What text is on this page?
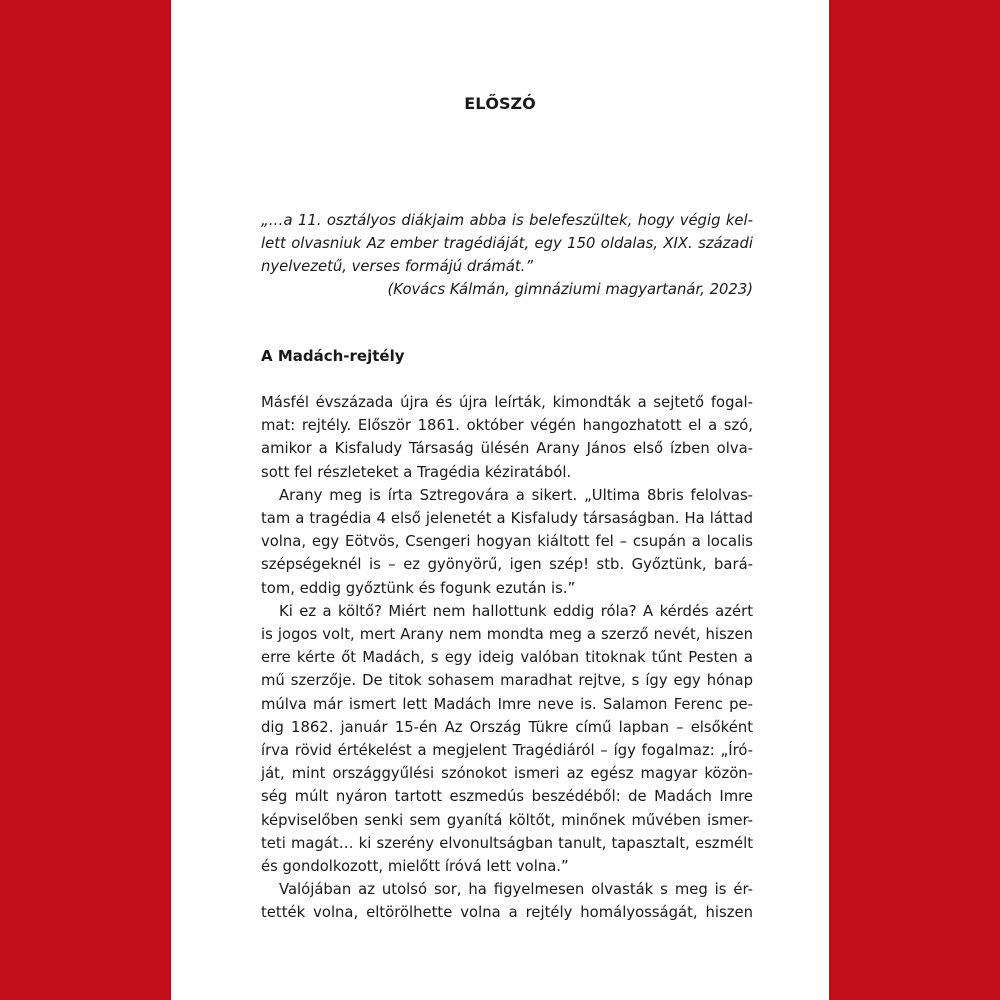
ELŐSZÓ
„…a 11. osztályos diákjaim abba is belefeszültek, hogy végig kel-
lett olvasniuk Az ember tragédiáját, egy 150 oldalas, XIX. századi
nyelvezetű, verses formájú drámát.”
(Kovács Kálmán, gimnáziumi magyartanár, 2023)
A Madách-rejtély
Másfél évszázada újra és újra leírták, kimondták a sejtető fogal-
mat: rejtély. Először 1861. október végén hangozhatott el a szó,
amikor a Kisfaludy Társaság ülésén Arany János első ízben olva-
sott fel részleteket a Tragédia kéziratából.
Arany meg is írta Sztregovára a sikert. „Ultima 8bris felolvas-
tam a tragédia 4 első jelenetét a Kisfaludy társaságban. Ha láttad
volna, egy Eötvös, Csengeri hogyan kiáltott fel – csupán a localis
szépségeknél is – ez gyönyörű, igen szép! stb. Győztünk, bará-
tom, eddig győztünk és fogunk ezután is.”
Ki ez a költő? Miért nem hallottunk eddig róla? A kérdés azért
is jogos volt, mert Arany nem mondta meg a szerző nevét, hiszen
erre kérte őt Madách, s egy ideig valóban titoknak tűnt Pesten a
mű szerzője. De titok sohasem maradhat rejtve, s így egy hónap
múlva már ismert lett Madách Imre neve is. Salamon Ferenc pe-
dig 1862. január 15-én Az Ország Tükre című lapban – elsőként
írva rövid értékelést a megjelent Tragédiáról – így fogalmaz: „Író-
ját, mint országgyűlési szónokot ismeri az egész magyar közön-
ség múlt nyáron tartott eszmedús beszédéből: de Madách Imre
képviselőben senki sem gyanítá költőt, minőnek művében ismer-
teti magát… ki szerény elvonultságban tanult, tapasztalt, eszmélt
és gondolkozott, mielőtt íróvá lett volna.”
Valójában az utolsó sor, ha figyelmesen olvasták s meg is ér-
tették volna, eltörölhette volna a rejtély homályosságát, hiszen
